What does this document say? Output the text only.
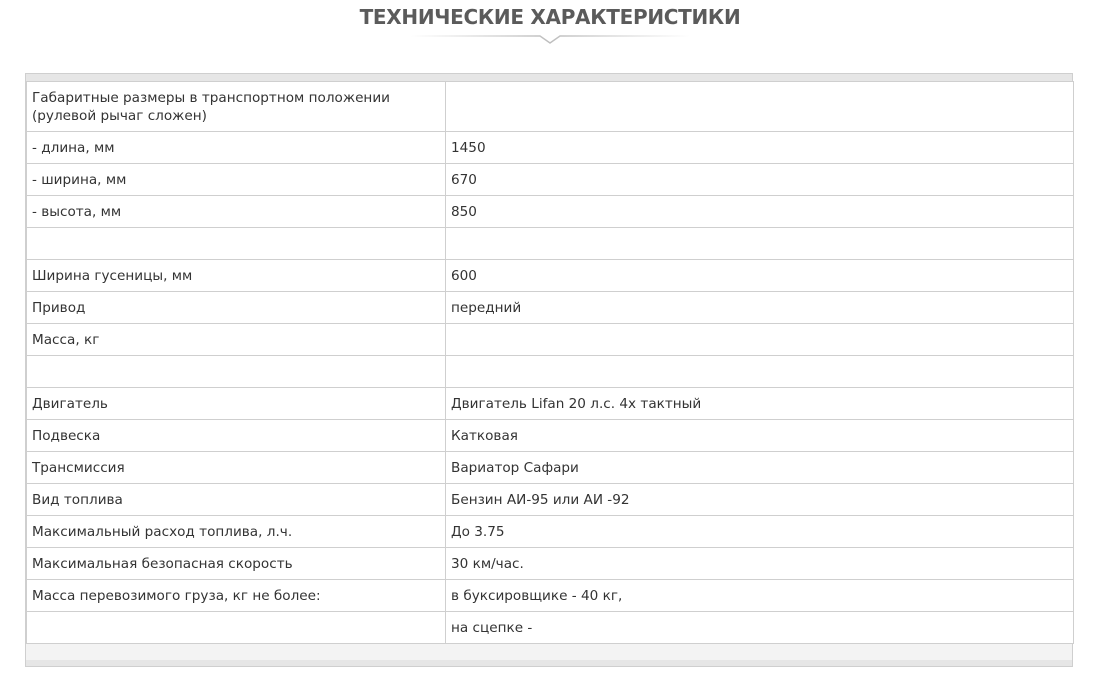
ТЕХНИЧЕСКИЕ ХАРАКТЕРИСТИКИ
Габаритные размеры в транспортном положении (рулевой рычаг сложен)	
- длина, мм	1450
- ширина, мм	670
- высота, мм	850

Ширина гусеницы, мм	600
Привод	передний
Масса, кг	

Двигатель	Двигатель Lifan 20 л.с. 4х тактный
Подвеска	Катковая
Трансмиссия	Вариатор Сафари
Вид топлива	Бензин АИ-95 или АИ -92
Максимальный расход топлива, л.ч.	До 3.75
Максимальная безопасная скорость	30 км/час.
Масса перевозимого груза, кг не более:	в буксировщике - 40 кг,
	на сцепке -
